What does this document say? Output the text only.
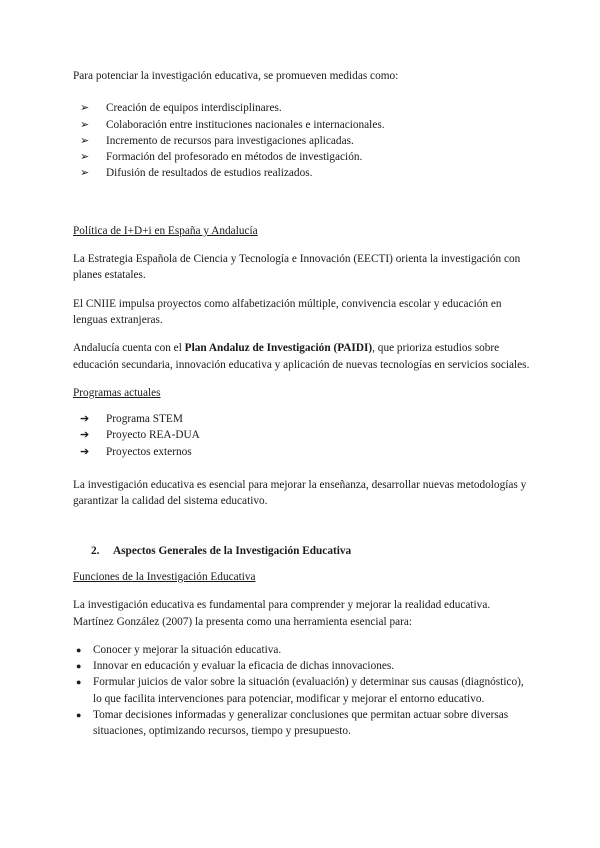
Para potenciar la investigación educativa, se promueven medidas como:

➢ Creación de equipos interdisciplinares.
➢ Colaboración entre instituciones nacionales e internacionales.
➢ Incremento de recursos para investigaciones aplicadas.
➢ Formación del profesorado en métodos de investigación.
➢ Difusión de resultados de estudios realizados.

Política de I+D+i en España y Andalucía

La Estrategia Española de Ciencia y Tecnología e Innovación (EECTI) orienta la investigación con planes estatales.

El CNIIE impulsa proyectos como alfabetización múltiple, convivencia escolar y educación en lenguas extranjeras.

Andalucía cuenta con el Plan Andaluz de Investigación (PAIDI), que prioriza estudios sobre educación secundaria, innovación educativa y aplicación de nuevas tecnologías en servicios sociales.

Programas actuales

➔ Programa STEM
➔ Proyecto REA-DUA
➔ Proyectos externos

La investigación educativa es esencial para mejorar la enseñanza, desarrollar nuevas metodologías y garantizar la calidad del sistema educativo.

2. Aspectos Generales de la Investigación Educativa

Funciones de la Investigación Educativa

La investigación educativa es fundamental para comprender y mejorar la realidad educativa. Martínez González (2007) la presenta como una herramienta esencial para:

● Conocer y mejorar la situación educativa.
● Innovar en educación y evaluar la eficacia de dichas innovaciones.
● Formular juicios de valor sobre la situación (evaluación) y determinar sus causas (diagnóstico), lo que facilita intervenciones para potenciar, modificar y mejorar el entorno educativo.
● Tomar decisiones informadas y generalizar conclusiones que permitan actuar sobre diversas situaciones, optimizando recursos, tiempo y presupuesto.
